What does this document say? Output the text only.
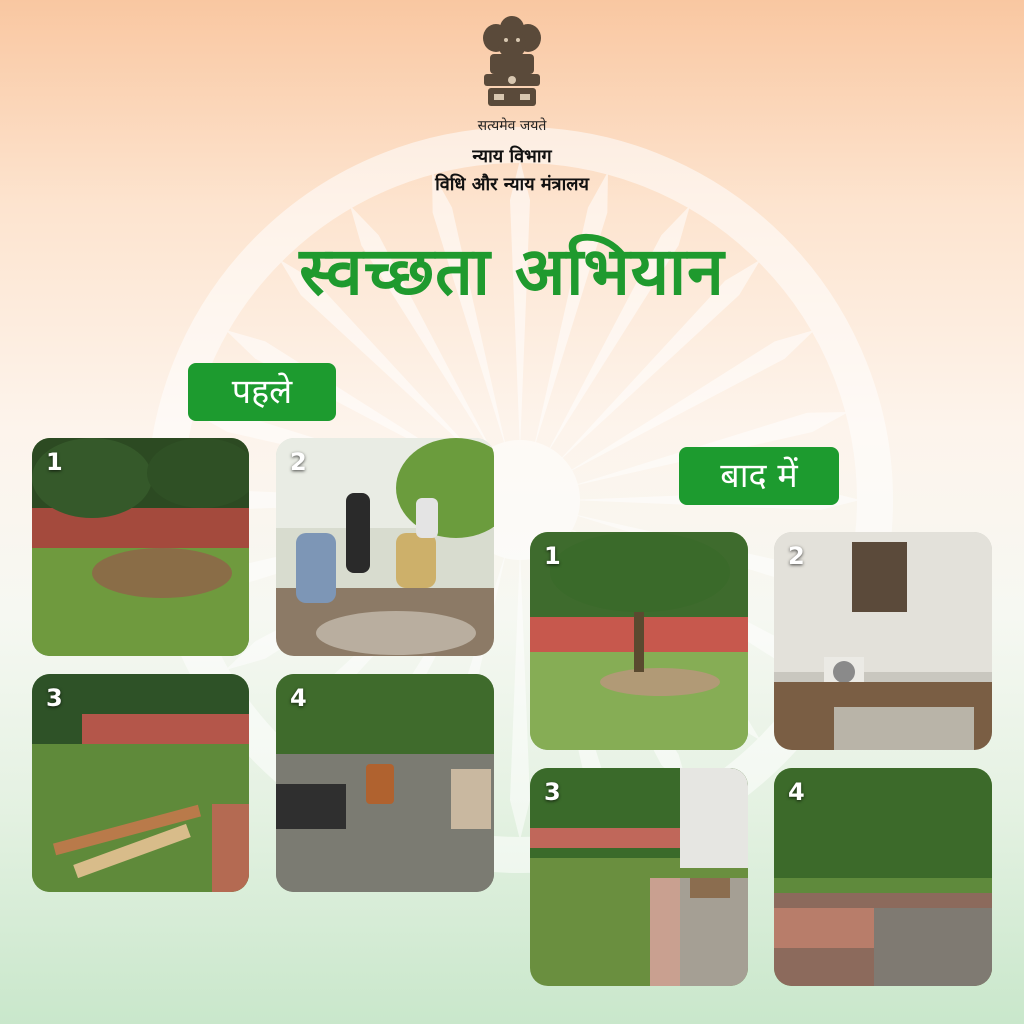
सत्यमेव जयते
न्याय विभाग
विधि और न्याय मंत्रालय
स्वच्छता अभियान
पहले
बाद में
1	2
3	4
1	2
3	4
